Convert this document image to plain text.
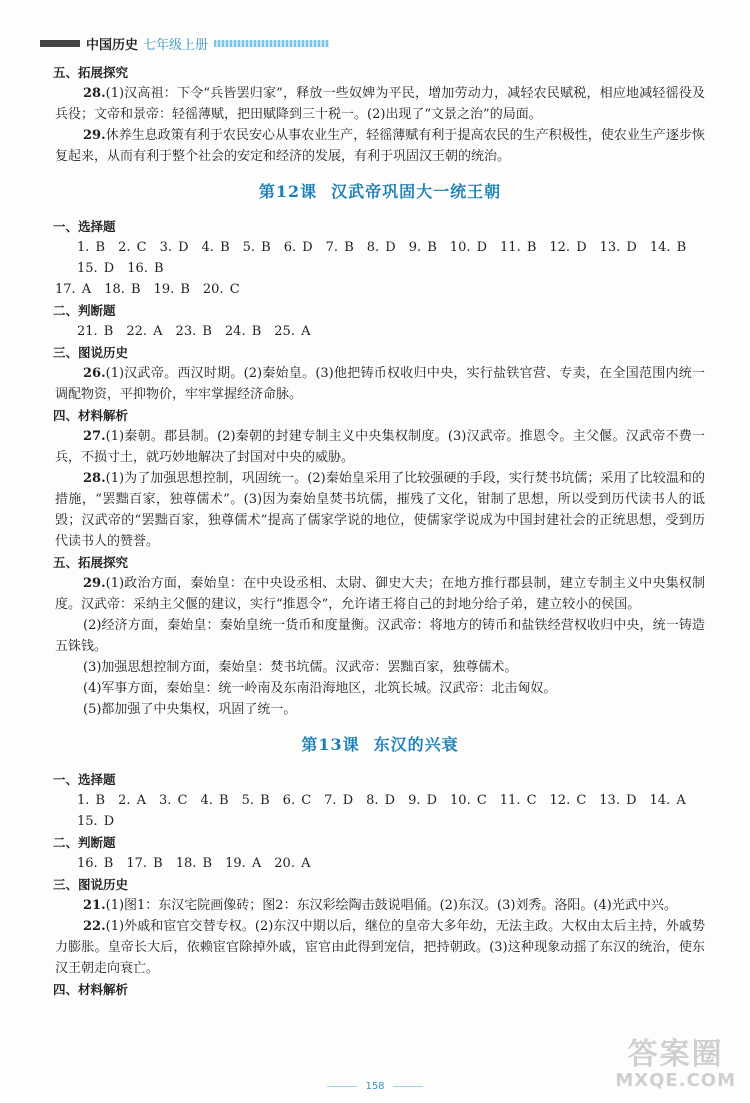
中国历史 七年级上册
五、拓展探究
28.(1)汉高祖：下令“兵皆罢归家”，释放一些奴婢为平民，增加劳动力，减轻农民赋税，相应地减轻徭役及兵役；文帝和景帝：轻徭薄赋，把田赋降到三十税一。(2)出现了“文景之治”的局面。
29.休养生息政策有利于农民安心从事农业生产，轻徭薄赋有利于提高农民的生产积极性，使农业生产逐步恢复起来，从而有利于整个社会的安定和经济的发展，有利于巩固汉王朝的统治。
第12课 汉武帝巩固大一统王朝
一、选择题
1. B　2. C　3. D　4. B　5. B　6. D　7. B　8. D　9. B　10. D　11. B　12. D　13. D　14. B　15. D　16. B
17. A　18. B　19. B　20. C
二、判断题
21. B　22. A　23. B　24. B　25. A
三、图说历史
26.(1)汉武帝。西汉时期。(2)秦始皇。(3)他把铸币权收归中央，实行盐铁官营、专卖，在全国范围内统一调配物资，平抑物价，牢牢掌握经济命脉。
四、材料解析
27.(1)秦朝。郡县制。(2)秦朝的封建专制主义中央集权制度。(3)汉武帝。推恩令。主父偃。汉武帝不费一兵，不损寸土，就巧妙地解决了封国对中央的威胁。
28.(1)为了加强思想控制，巩固统一。(2)秦始皇采用了比较强硬的手段，实行焚书坑儒；采用了比较温和的措施，“罢黜百家，独尊儒术”。(3)因为秦始皇焚书坑儒，摧残了文化，钳制了思想，所以受到历代读书人的诋毁；汉武帝的“罢黜百家，独尊儒术”提高了儒家学说的地位，使儒家学说成为中国封建社会的正统思想，受到历代读书人的赞誉。
五、拓展探究
29.(1)政治方面，秦始皇：在中央设丞相、太尉、御史大夫；在地方推行郡县制，建立专制主义中央集权制度。汉武帝：采纳主父偃的建议，实行“推恩令”，允许诸王将自己的封地分给子弟，建立较小的侯国。
(2)经济方面，秦始皇：秦始皇统一货币和度量衡。汉武帝：将地方的铸币和盐铁经营权收归中央，统一铸造五铢钱。
(3)加强思想控制方面，秦始皇：焚书坑儒。汉武帝：罢黜百家，独尊儒术。
(4)军事方面，秦始皇：统一岭南及东南沿海地区，北筑长城。汉武帝：北击匈奴。
(5)都加强了中央集权，巩固了统一。
第13课 东汉的兴衰
一、选择题
1. B　2. A　3. C　4. B　5. B　6. C　7. D　8. D　9. D　10. C　11. C　12. C　13. D　14. A　15. D
二、判断题
16. B　17. B　18. B　19. A　20. A
三、图说历史
21.(1)图1：东汉宅院画像砖；图2：东汉彩绘陶击鼓说唱俑。(2)东汉。(3)刘秀。洛阳。(4)光武中兴。
22.(1)外戚和宦官交替专权。(2)东汉中期以后，继位的皇帝大多年幼，无法主政。大权由太后主持，外戚势力膨胀。皇帝长大后，依赖宦官除掉外戚，宦官由此得到宠信，把持朝政。(3)这种现象动摇了东汉的统治，使东汉王朝走向衰亡。
四、材料解析
158
答案圈
MXQE.COM
